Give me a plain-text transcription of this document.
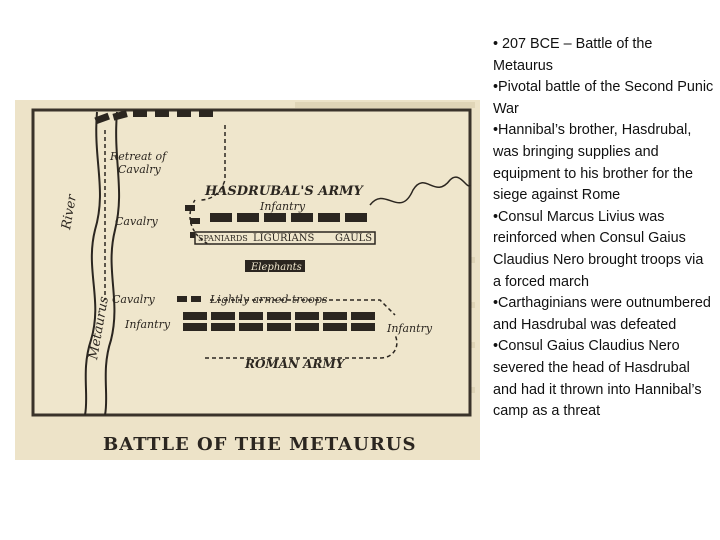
River
Metaurus
Retreat of
Cavalry
HASDRUBAL'S ARMY
Infantry
Cavalry
SPANIARDS LIGURIANS GAULS
Elephants
Cavalry
Infantry
Lightly armed troops
Infantry
ROMAN ARMY
BATTLE OF THE METAURUS

• 207 BCE – Battle of the Metaurus

•Pivotal battle of the Second Punic War

•Hannibal’s brother, Hasdrubal, was bringing supplies and equipment to his brother for the siege against Rome

•Consul Marcus Livius was reinforced when Consul Gaius Claudius Nero brought troops via a forced march

•Carthaginians were outnumbered and Hasdrubal was defeated

•Consul Gaius Claudius Nero severed the head of Hasdrubal and had it thrown into Hannibal’s camp as a threat
